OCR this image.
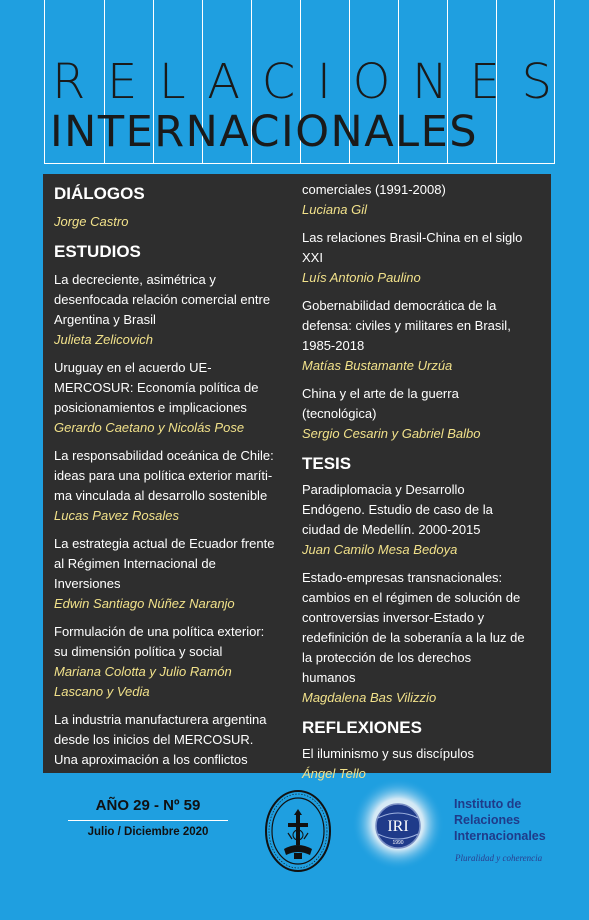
R E L A C I O N E S
INTERNACIONALES
DIÁLOGOS
Jorge Castro
ESTUDIOS
La decreciente, asimétrica y
desenfocada relación comercial entre
Argentina y Brasil
Julieta Zelicovich
Uruguay en el acuerdo UE-
MERCOSUR: Economía política de
posicionamientos e implicaciones
Gerardo Caetano y Nicolás Pose
La responsabilidad oceánica de Chile:
ideas para una política exterior maríti-
ma vinculada al desarrollo sostenible
Lucas Pavez Rosales
La estrategia actual de Ecuador frente
al Régimen Internacional de
Inversiones
Edwin Santiago Núñez Naranjo
Formulación de una política exterior:
su dimensión política y social
Mariana Colotta y Julio Ramón
Lascano y Vedia
La industria manufacturera argentina
desde los inicios del MERCOSUR.
Una aproximación a los conflictos
comerciales (1991-2008)
Luciana Gil
Las relaciones Brasil-China en el siglo
XXI
Luís Antonio Paulino
Gobernabilidad democrática de la
defensa: civiles y militares en Brasil,
1985-2018
Matías Bustamante Urzúa
China y el arte de la guerra
(tecnológica)
Sergio Cesarin y Gabriel Balbo
TESIS
Paradiplomacia y Desarrollo
Endógeno. Estudio de caso de la
ciudad de Medellín. 2000-2015
Juan Camilo Mesa Bedoya
Estado-empresas transnacionales:
cambios en el régimen de solución de
controversias inversor-Estado y
redefinición de la soberanía a la luz de
la protección de los derechos
humanos
Magdalena Bas Vilizzio
REFLEXIONES
El iluminismo y sus discípulos
Ángel Tello
AÑO 29 - Nº 59
Julio / Diciembre 2020	IRI
1990
Instituto de
Relaciones
Internacionales
Pluralidad y coherencia
